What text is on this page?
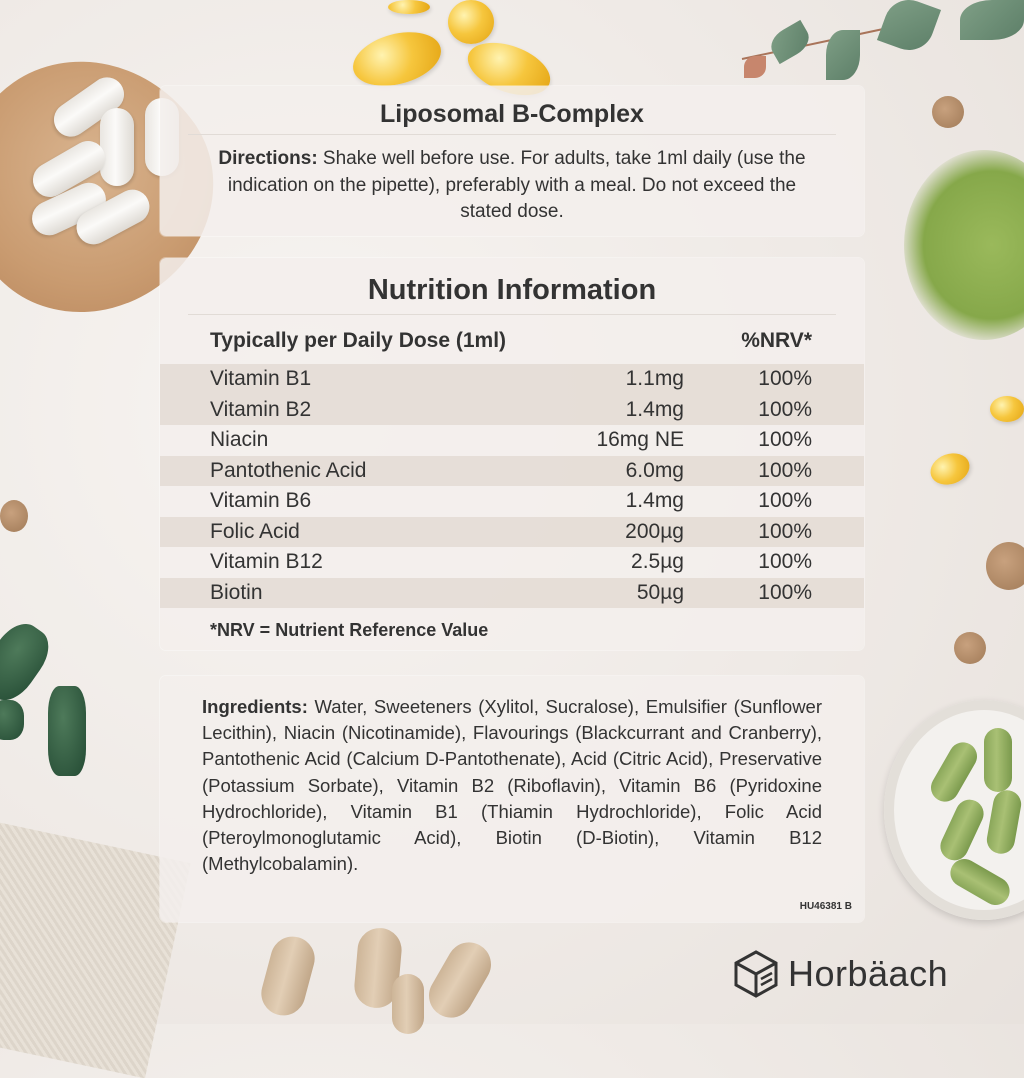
Liposomal B-Complex
Directions: Shake well before use. For adults, take 1ml daily (use the indication on the pipette), preferably with a meal. Do not exceed the stated dose.
Nutrition Information
Typically per Daily Dose (1ml)	%NRV*
Vitamin B1	1.1mg	100%
Vitamin B2	1.4mg	100%
Niacin	16mg NE	100%
Pantothenic Acid	6.0mg	100%
Vitamin B6	1.4mg	100%
Folic Acid	200µg	100%
Vitamin B12	2.5µg	100%
Biotin	50µg	100%
*NRV = Nutrient Reference Value
Ingredients: Water, Sweeteners (Xylitol, Sucralose), Emulsifier (Sunflower Lecithin), Niacin (Nicotinamide), Flavourings (Blackcurrant and Cranberry), Pantothenic Acid (Calcium D-Pantothenate), Acid (Citric Acid), Preservative (Potassium Sorbate), Vitamin B2 (Riboflavin), Vitamin B6 (Pyridoxine Hydrochloride), Vitamin B1 (Thiamin Hydrochloride), Folic Acid (Pteroylmonoglutamic Acid), Biotin (D-Biotin), Vitamin B12 (Methylcobalamin).
HU46381 B
Horbäach
